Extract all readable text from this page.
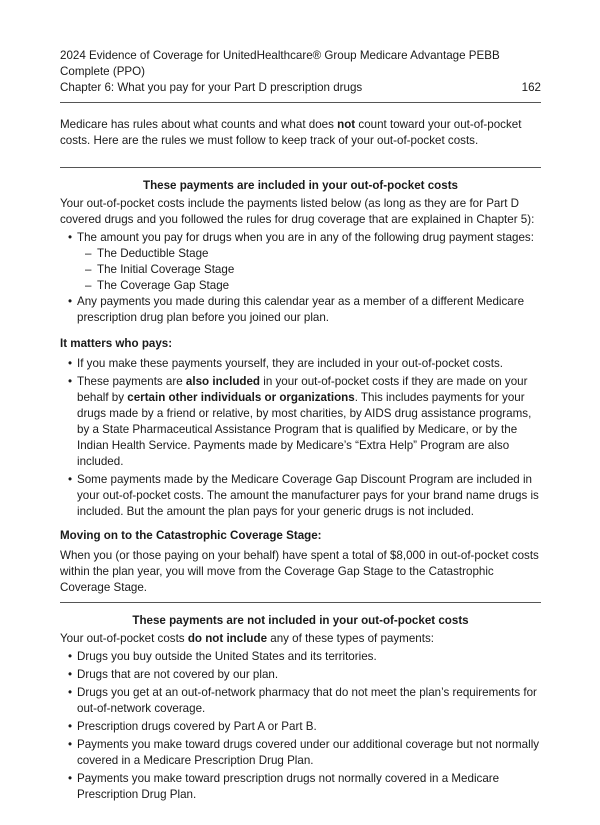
2024 Evidence of Coverage for UnitedHealthcare® Group Medicare Advantage PEBB Complete (PPO)

Chapter 6: What you pay for your Part D prescription drugs	162

Medicare has rules about what counts and what does not count toward your out-of-pocket costs. Here are the rules we must follow to keep track of your out-of-pocket costs.

These payments are included in your out-of-pocket costs

Your out-of-pocket costs include the payments listed below (as long as they are for Part D covered drugs and you followed the rules for drug coverage that are explained in Chapter 5):

• The amount you pay for drugs when you are in any of the following drug payment stages:
– The Deductible Stage
– The Initial Coverage Stage
– The Coverage Gap Stage
• Any payments you made during this calendar year as a member of a different Medicare prescription drug plan before you joined our plan.

It matters who pays:

• If you make these payments yourself, they are included in your out-of-pocket costs.
• These payments are also included in your out-of-pocket costs if they are made on your behalf by certain other individuals or organizations. This includes payments for your drugs made by a friend or relative, by most charities, by AIDS drug assistance programs, by a State Pharmaceutical Assistance Program that is qualified by Medicare, or by the Indian Health Service. Payments made by Medicare’s “Extra Help” Program are also included.
• Some payments made by the Medicare Coverage Gap Discount Program are included in your out-of-pocket costs. The amount the manufacturer pays for your brand name drugs is included. But the amount the plan pays for your generic drugs is not included.

Moving on to the Catastrophic Coverage Stage:

When you (or those paying on your behalf) have spent a total of $8,000 in out-of-pocket costs within the plan year, you will move from the Coverage Gap Stage to the Catastrophic Coverage Stage.

These payments are not included in your out-of-pocket costs

Your out-of-pocket costs do not include any of these types of payments:

• Drugs you buy outside the United States and its territories.
• Drugs that are not covered by our plan.
• Drugs you get at an out-of-network pharmacy that do not meet the plan’s requirements for out-of-network coverage.
• Prescription drugs covered by Part A or Part B.
• Payments you make toward drugs covered under our additional coverage but not normally covered in a Medicare Prescription Drug Plan.
• Payments you make toward prescription drugs not normally covered in a Medicare Prescription Drug Plan.
